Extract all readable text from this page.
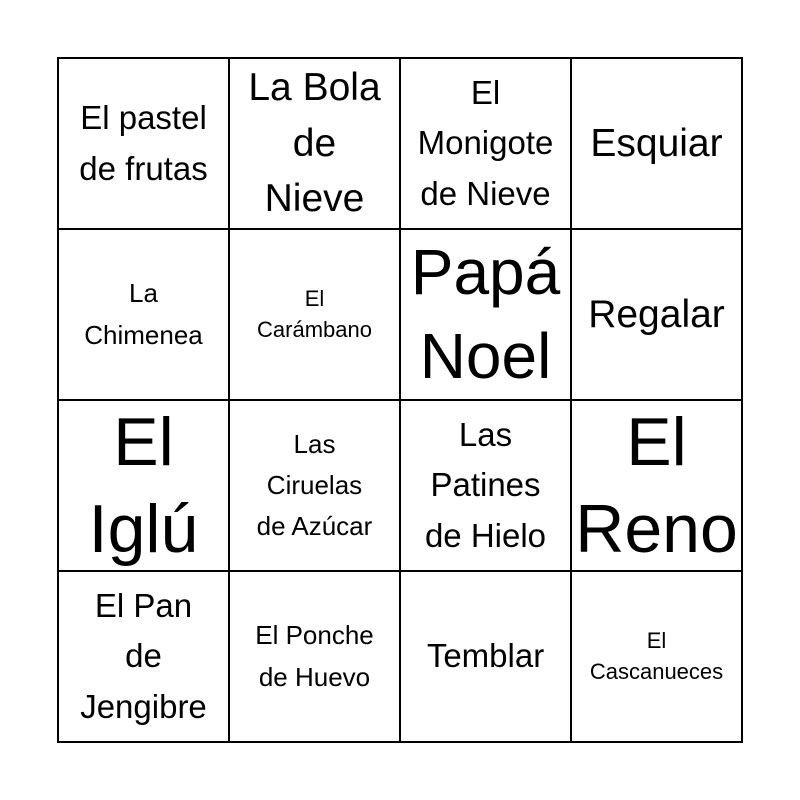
El pastel
de frutas
La Bola
de
Nieve
El
Monigote
de Nieve
Esquiar
La
Chimenea
El
Carámbano
Papá
Noel
Regalar
El
Iglú
Las
Ciruelas
de Azúcar
Las
Patines
de Hielo
El
Reno
El Pan
de
Jengibre
El Ponche
de Huevo
Temblar	El
Cascanueces
